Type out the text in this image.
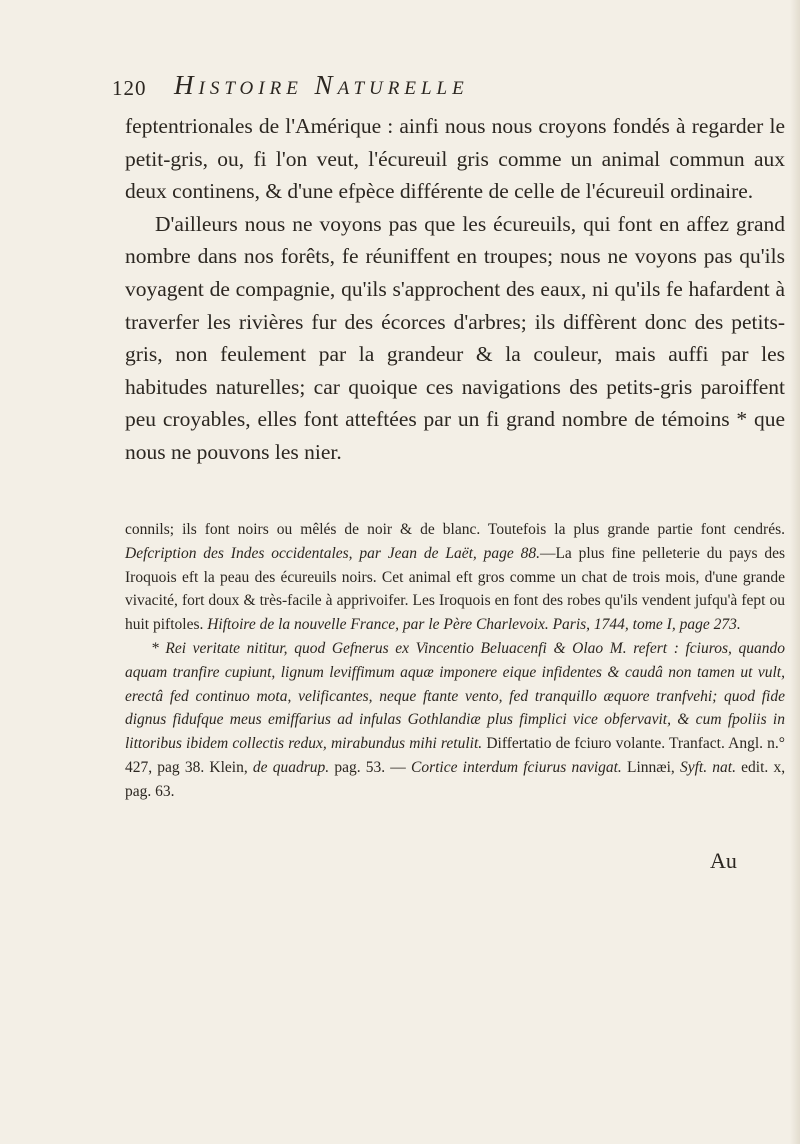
120 Histoire Naturelle

feptentrionales de l'Amérique : ainfi nous nous croyons fondés à regarder le petit-gris, ou, fi l'on veut, l'écureuil gris comme un animal commun aux deux continens, & d'une efpèce différente de celle de l'écureuil ordinaire.

D'ailleurs nous ne voyons pas que les écureuils, qui font en affez grand nombre dans nos forêts, fe réuniffent en troupes; nous ne voyons pas qu'ils voyagent de compagnie, qu'ils s'approchent des eaux, ni qu'ils fe hafardent à traverfer les rivières fur des écorces d'arbres; ils diffèrent donc des petits-gris, non feulement par la grandeur & la couleur, mais auffi par les habitudes naturelles; car quoique ces navigations des petits-gris paroiffent peu croyables, elles font atteftées par un fi grand nombre de témoins * que nous ne pouvons les nier.

connils; ils font noirs ou mêlés de noir & de blanc. Toutefois la plus grande partie font cendrés. Defcription des Indes occidentales, par Jean de Laët, page 88.—La plus fine pelleterie du pays des Iroquois eft la peau des écureuils noirs. Cet animal eft gros comme un chat de trois mois, d'une grande vivacité, fort doux & très-facile à apprivoifer. Les Iroquois en font des robes qu'ils vendent jufqu'à fept ou huit piftoles. Hiftoire de la nouvelle France, par le Père Charlevoix. Paris, 1744, tome I, page 273.

* Rei veritate nititur, quod Gefnerus ex Vincentio Beluacenfi & Olao M. refert : fciuros, quando aquam tranfire cupiunt, lignum leviffimum aquæ imponere eique infidentes & caudâ non tamen ut vult, erectâ fed continuo mota, velificantes, neque ftante vento, fed tranquillo æquore tranfvehi; quod fide dignus fidufque meus emiffarius ad infulas Gothlandiæ plus fimplici vice obfervavit, & cum fpoliis in littoribus ibidem collectis redux, mirabundus mihi retulit. Differtatio de fciuro volante. Tranfact. Angl. n.° 427, pag 38. Klein, de quadrup. pag. 53. — Cortice interdum fciurus navigat. Linnæi, Syft. nat. edit. x, pag. 63.

Au
